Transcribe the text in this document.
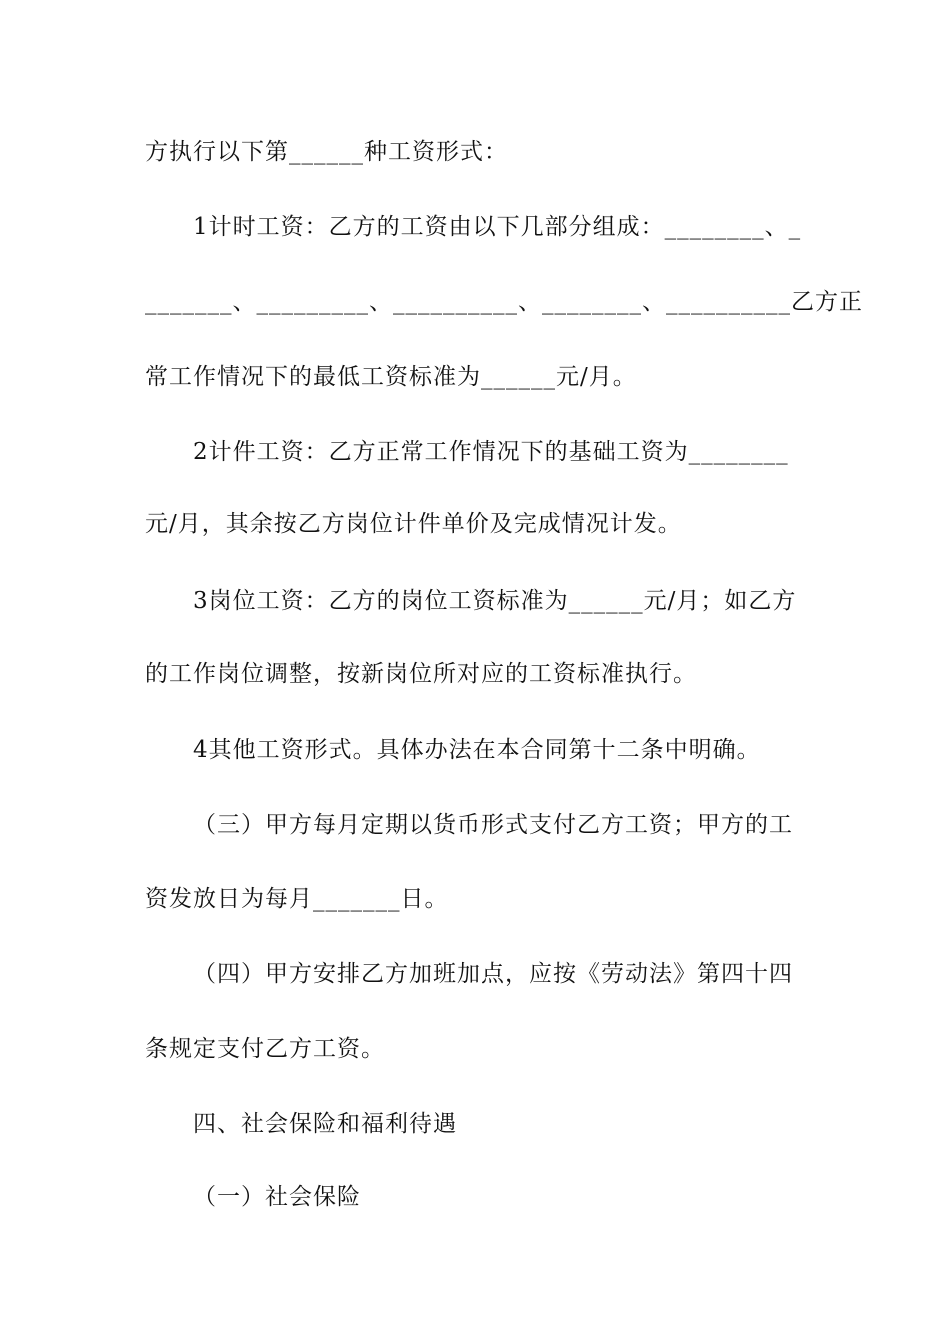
方执行以下第______种工资形式：
1计时工资：乙方的工资由以下几部分组成：________、_
_______、_________、__________、________、__________乙方正
常工作情况下的最低工资标准为______元/月。
2计件工资：乙方正常工作情况下的基础工资为________
元/月，其余按乙方岗位计件单价及完成情况计发。
3岗位工资：乙方的岗位工资标准为______元/月；如乙方
的工作岗位调整，按新岗位所对应的工资标准执行。
4其他工资形式。具体办法在本合同第十二条中明确。
（三）甲方每月定期以货币形式支付乙方工资；甲方的工
资发放日为每月_______日。
（四）甲方安排乙方加班加点，应按《劳动法》第四十四
条规定支付乙方工资。
四、社会保险和福利待遇
（一）社会保险
